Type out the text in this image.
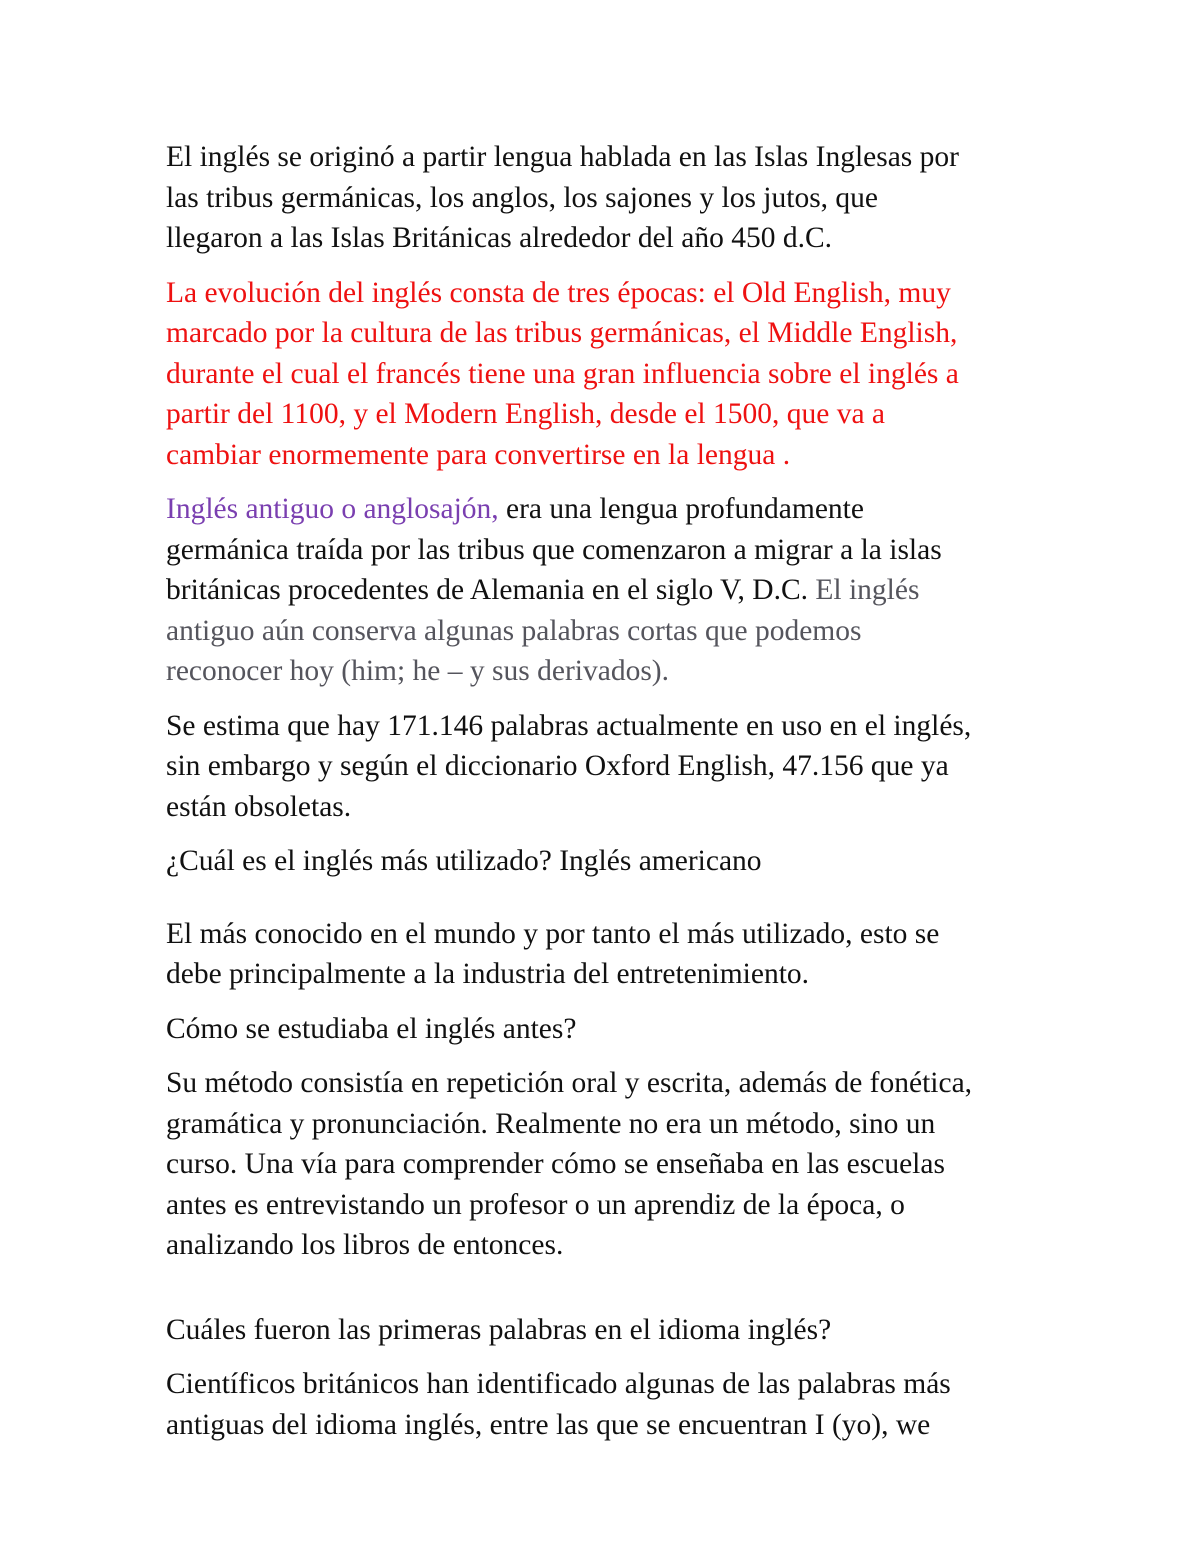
El inglés se originó a partir lengua hablada en las Islas Inglesas por
las tribus germánicas, los anglos, los sajones y los jutos, que
llegaron a las Islas Británicas alrededor del año 450 d.C.

La evolución del inglés consta de tres épocas: el Old English, muy
marcado por la cultura de las tribus germánicas, el Middle English,
durante el cual el francés tiene una gran influencia sobre el inglés a
partir del 1100, y el Modern English, desde el 1500, que va a
cambiar enormemente para convertirse en la lengua .

Inglés antiguo o anglosajón, era una lengua profundamente
germánica traída por las tribus que comenzaron a migrar a la islas
británicas procedentes de Alemania en el siglo V, D.C. El inglés
antiguo aún conserva algunas palabras cortas que podemos
reconocer hoy (him; he – y sus derivados).

Se estima que hay 171.146 palabras actualmente en uso en el inglés,
sin embargo y según el diccionario Oxford English, 47.156 que ya
están obsoletas.

¿Cuál es el inglés más utilizado? Inglés americano

El más conocido en el mundo y por tanto el más utilizado, esto se
debe principalmente a la industria del entretenimiento.

Cómo se estudiaba el inglés antes?

Su método consistía en repetición oral y escrita, además de fonética,
gramática y pronunciación. Realmente no era un método, sino un
curso. Una vía para comprender cómo se enseñaba en las escuelas
antes es entrevistando un profesor o un aprendiz de la época, o
analizando los libros de entonces.

Cuáles fueron las primeras palabras en el idioma inglés?

Científicos británicos han identificado algunas de las palabras más
antiguas del idioma inglés, entre las que se encuentran I (yo), we
